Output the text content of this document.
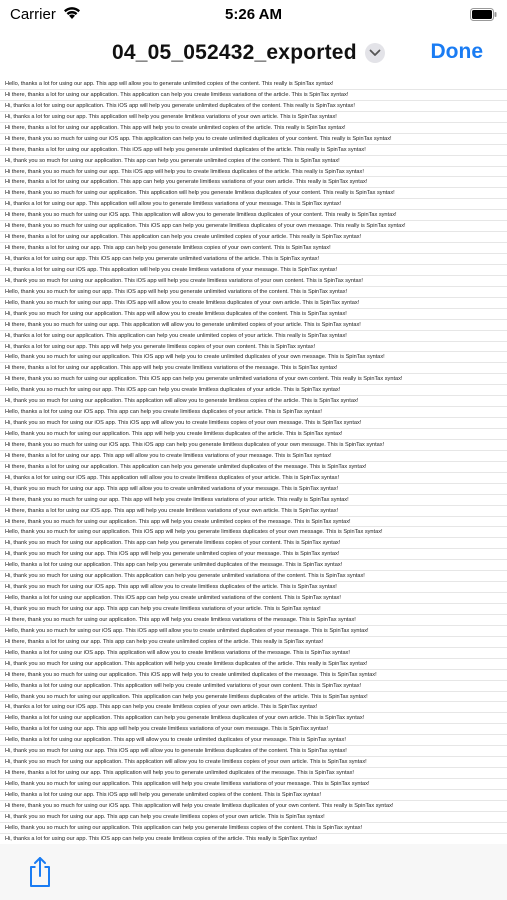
Carrier	5:26 AM
04_05_052432_exported	Done
Hello, thanks a lot for using our app. This app will allow you to generate unlimited copies of the content. This really is SpinTax syntax!
Hi there, thanks a lot for using our application. This application can help you create limitless variations of the article. This is SpinTax syntax!
Hi, thanks a lot for using our application. This iOS app will help you generate unlimited duplicates of the content. This really is SpinTax syntax!
Hi, thanks a lot for using our app. This application will help you generate limitless variations of your own article. This is SpinTax syntax!
Hi there, thanks a lot for using our application. This app will help you to create unlimited copies of the article. This really is SpinTax syntax!
Hi there, thank you so much for using our iOS app. This application can help you to create unlimited duplicates of your content. This really is SpinTax syntax!
Hi there, thanks a lot for using our application. This iOS app will help you generate unlimited duplicates of the article. This really is SpinTax syntax!
Hi, thank you so much for using our application. This app can help you generate unlimited copies of the content. This is SpinTax syntax!
Hi there, thank you so much for using our app. This iOS app will help you to create limitless duplicates of the article. This really is SpinTax syntax!
Hi there, thanks a lot for using our application. This app can help you generate limitless variations of your own article. This really is SpinTax syntax!
Hi there, thank you so much for using our application. This application will help you generate limitless duplicates of your content. This really is SpinTax syntax!
Hi, thanks a lot for using our app. This application will allow you to generate limitless variations of your message. This is SpinTax syntax!
Hi there, thank you so much for using our iOS app. This application will allow you to generate limitless duplicates of your content. This really is SpinTax syntax!
Hi there, thank you so much for using our application. This iOS app can help you generate limitless duplicates of your own message. This really is SpinTax syntax!
Hi there, thanks a lot for using our application. This application can help you create unlimited copies of your article. This really is SpinTax syntax!
Hi there, thanks a lot for using our app. This app can help you generate limitless copies of your own content. This is SpinTax syntax!
Hi, thanks a lot for using our app. This iOS app can help you generate unlimited variations of the article. This is SpinTax syntax!
Hi, thanks a lot for using our iOS app. This application will help you create limitless variations of your message. This is SpinTax syntax!
Hi, thank you so much for using our application. This iOS app will help you create limitless variations of your own content. This is SpinTax syntax!
Hello, thank you so much for using our app. This iOS app will help you generate unlimited variations of the content. This is SpinTax syntax!
Hello, thank you so much for using our app. This iOS app will allow you to create limitless duplicates of your own article. This is SpinTax syntax!
Hi, thank you so much for using our application. This app will allow you to create limitless duplicates of the content. This is SpinTax syntax!
Hi there, thank you so much for using our app. This application will allow you to generate unlimited copies of your article. This is SpinTax syntax!
Hi, thanks a lot for using our application. This application can help you create unlimited copies of your article. This really is SpinTax syntax!
Hi, thanks a lot for using our app. This app will help you generate limitless copies of your own content. This is SpinTax syntax!
Hello, thank you so much for using our application. This iOS app will help you to create unlimited duplicates of your own message. This is SpinTax syntax!
Hi there, thanks a lot for using our application. This app will help you create limitless variations of the message. This is SpinTax syntax!
Hi there, thank you so much for using our application. This iOS app can help you generate unlimited variations of your own content. This really is SpinTax syntax!
Hello, thank you so much for using our app. This iOS app can help you create limitless duplicates of your article. This is SpinTax syntax!
Hi, thank you so much for using our application. This application will allow you to generate limitless copies of the article. This is SpinTax syntax!
Hello, thanks a lot for using our iOS app. This app can help you create limitless duplicates of your article. This is SpinTax syntax!
Hi, thank you so much for using our iOS app. This iOS app will allow you to create limitless copies of your own message. This is SpinTax syntax!
Hello, thank you so much for using our application. This app will help you create limitless duplicates of the article. This is SpinTax syntax!
Hi there, thank you so much for using our iOS app. This iOS app can help you generate limitless duplicates of your own message. This is SpinTax syntax!
Hi there, thanks a lot for using our app. This app will allow you to create limitless variations of your message. This is SpinTax syntax!
Hi there, thanks a lot for using our application. This application can help you generate unlimited duplicates of the message. This is SpinTax syntax!
Hi, thanks a lot for using our iOS app. This application will allow you to create limitless duplicates of your article. This is SpinTax syntax!
Hi, thank you so much for using our app. This app will allow you to create unlimited variations of your message. This is SpinTax syntax!
Hi there, thank you so much for using our app. This app will help you create limitless variations of your article. This really is SpinTax syntax!
Hi there, thanks a lot for using our iOS app. This app will help you create limitless variations of your own article. This is SpinTax syntax!
Hi there, thank you so much for using our application. This app will help you create unlimited copies of the message. This is SpinTax syntax!
Hello, thank you so much for using our application. This iOS app will help you generate limitless duplicates of your own message. This is SpinTax syntax!
Hi, thank you so much for using our application. This app can help you generate limitless copies of your content. This is SpinTax syntax!
Hi, thank you so much for using our app. This iOS app will help you generate unlimited copies of your message. This is SpinTax syntax!
Hello, thanks a lot for using our application. This app can help you generate unlimited duplicates of the message. This is SpinTax syntax!
Hi, thank you so much for using our application. This application can help you generate unlimited variations of the content. This is SpinTax syntax!
Hi, thank you so much for using our iOS app. This app will allow you to create limitless duplicates of the article. This is SpinTax syntax!
Hello, thanks a lot for using our application. This iOS app can help you create unlimited variations of the content. This is SpinTax syntax!
Hi, thank you so much for using our app. This app can help you create limitless variations of your article. This is SpinTax syntax!
Hi there, thank you so much for using our application. This app will help you create limitless variations of the message. This is SpinTax syntax!
Hello, thank you so much for using our iOS app. This iOS app will allow you to create unlimited duplicates of your message. This is SpinTax syntax!
Hi there, thanks a lot for using our app. This app can help you create unlimited copies of the article. This really is SpinTax syntax!
Hello, thanks a lot for using our iOS app. This application will allow you to create limitless variations of the message. This is SpinTax syntax!
Hi, thank you so much for using our application. This application will help you create limitless duplicates of the article. This really is SpinTax syntax!
Hi there, thank you so much for using our application. This iOS app will help you to create unlimited duplicates of the message. This is SpinTax syntax!
Hello, thanks a lot for using our application. This application will help you create unlimited variations of your own content. This is SpinTax syntax!
Hello, thank you so much for using our application. This application can help you generate limitless duplicates of the article. This is SpinTax syntax!
Hi, thanks a lot for using our iOS app. This app can help you create limitless copies of your own article. This is SpinTax syntax!
Hello, thanks a lot for using our application. This application can help you generate limitless duplicates of your own article. This is SpinTax syntax!
Hello, thanks a lot for using our app. This app will help you create limitless variations of your own message. This is SpinTax syntax!
Hello, thanks a lot for using our application. This app will allow you to create unlimited duplicates of your message. This is SpinTax syntax!
Hi, thank you so much for using our app. This iOS app will allow you to generate limitless duplicates of the content. This is SpinTax syntax!
Hi, thank you so much for using our application. This application will allow you to create limitless copies of your own article. This is SpinTax syntax!
Hi there, thanks a lot for using our app. This application will help you to generate unlimited duplicates of the message. This is SpinTax syntax!
Hello, thank you so much for using our application. This application will help you create limitless variations of your message. This is SpinTax syntax!
Hello, thanks a lot for using our app. This iOS app will help you generate unlimited copies of the content. This is SpinTax syntax!
Hi there, thank you so much for using our iOS app. This application will help you create limitless duplicates of your own content. This really is SpinTax syntax!
Hi, thank you so much for using our app. This app can help you create limitless copies of your own article. This is SpinTax syntax!
Hello, thank you so much for using our application. This application can help you generate limitless copies of the content. This is SpinTax syntax!
Hi, thanks a lot for using our app. This iOS app can help you create limitless copies of the article. This really is SpinTax syntax!
